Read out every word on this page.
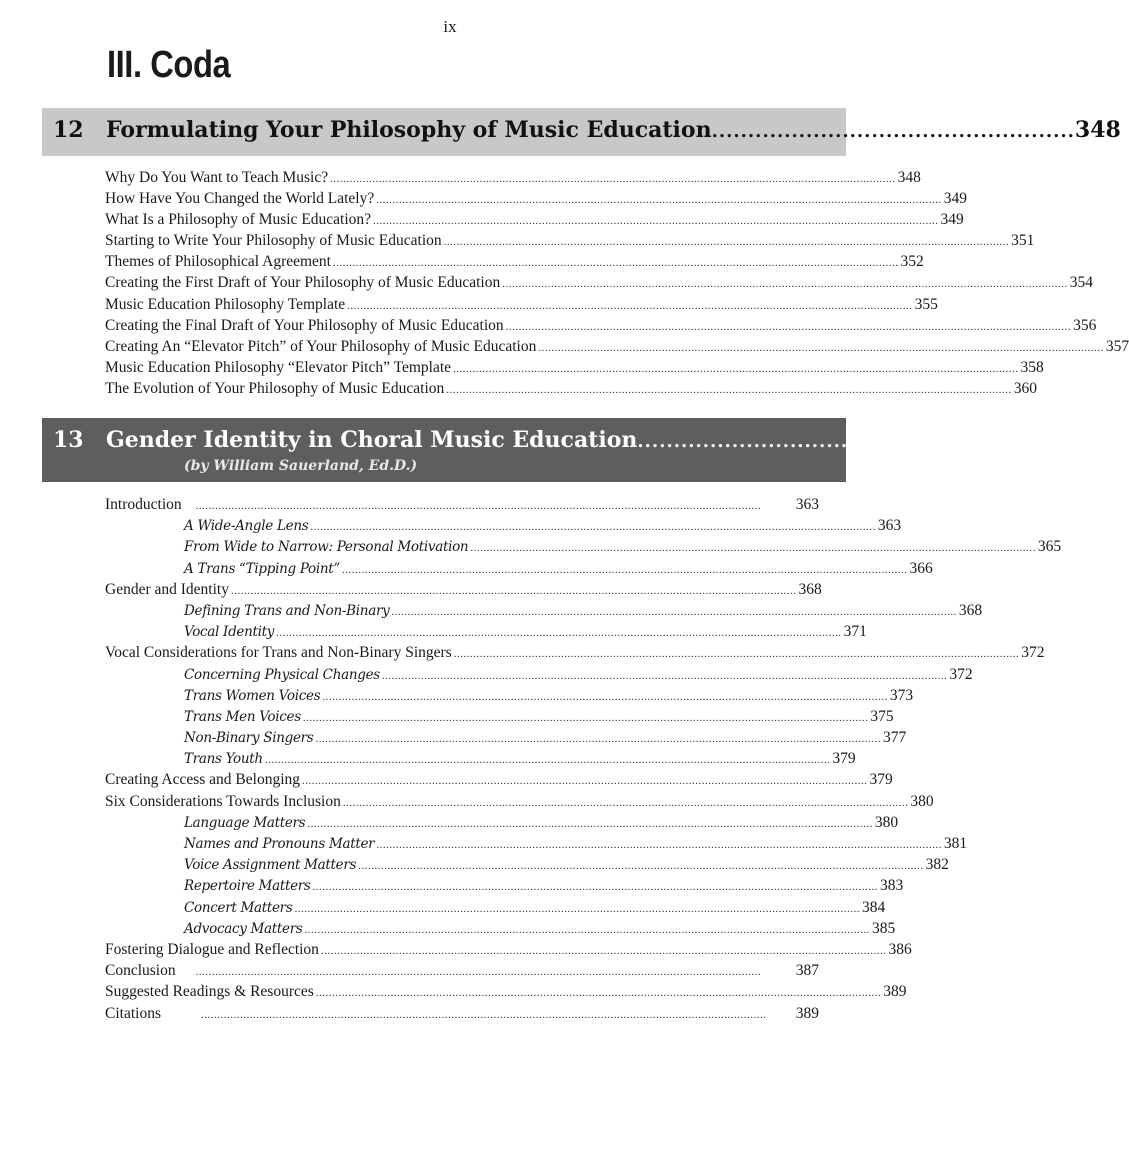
ix
III. Coda
12	Formulating Your Philosophy of Music Education .................................................. 348
Why Do You Want to Teach Music? .............................................................................................................................................................................. 348
How Have You Changed the World Lately? .............................................................................................................................................................................. 349
What Is a Philosophy of Music Education? .............................................................................................................................................................................. 349
Starting to Write Your Philosophy of Music Education .............................................................................................................................................................................. 351
Themes of Philosophical Agreement .............................................................................................................................................................................. 352
Creating the First Draft of Your Philosophy of Music Education .............................................................................................................................................................................. 354
Music Education Philosophy Template .............................................................................................................................................................................. 355
Creating the Final Draft of Your Philosophy of Music Education .............................................................................................................................................................................. 356
Creating An “Elevator Pitch” of Your Philosophy of Music Education .............................................................................................................................................................................. 357
Music Education Philosophy “Elevator Pitch” Template .............................................................................................................................................................................. 358
The Evolution of Your Philosophy of Music Education .............................................................................................................................................................................. 360
13	Gender Identity in Choral Music Education .................................................. 363
(by William Sauerland, Ed.D.)
Introduction ..............................................................................................................................................................................	363
A Wide-Angle Lens .............................................................................................................................................................................. 363
From Wide to Narrow: Personal Motivation .............................................................................................................................................................................. 365
A Trans “Tipping Point” .............................................................................................................................................................................. 366
Gender and Identity .............................................................................................................................................................................. 368
Defining Trans and Non-Binary .............................................................................................................................................................................. 368
Vocal Identity .............................................................................................................................................................................. 371
Vocal Considerations for Trans and Non-Binary Singers .............................................................................................................................................................................. 372
Concerning Physical Changes .............................................................................................................................................................................. 372
Trans Women Voices .............................................................................................................................................................................. 373
Trans Men Voices .............................................................................................................................................................................. 375
Non-Binary Singers .............................................................................................................................................................................. 377
Trans Youth .............................................................................................................................................................................. 379
Creating Access and Belonging .............................................................................................................................................................................. 379
Six Considerations Towards Inclusion .............................................................................................................................................................................. 380
Language Matters .............................................................................................................................................................................. 380
Names and Pronouns Matter .............................................................................................................................................................................. 381
Voice Assignment Matters .............................................................................................................................................................................. 382
Repertoire Matters .............................................................................................................................................................................. 383
Concert Matters .............................................................................................................................................................................. 384
Advocacy Matters .............................................................................................................................................................................. 385
Fostering Dialogue and Reflection .............................................................................................................................................................................. 386
Conclusion ..............................................................................................................................................................................	387
Suggested Readings & Resources .............................................................................................................................................................................. 389
Citations	..............................................................................................................................................................................	389
